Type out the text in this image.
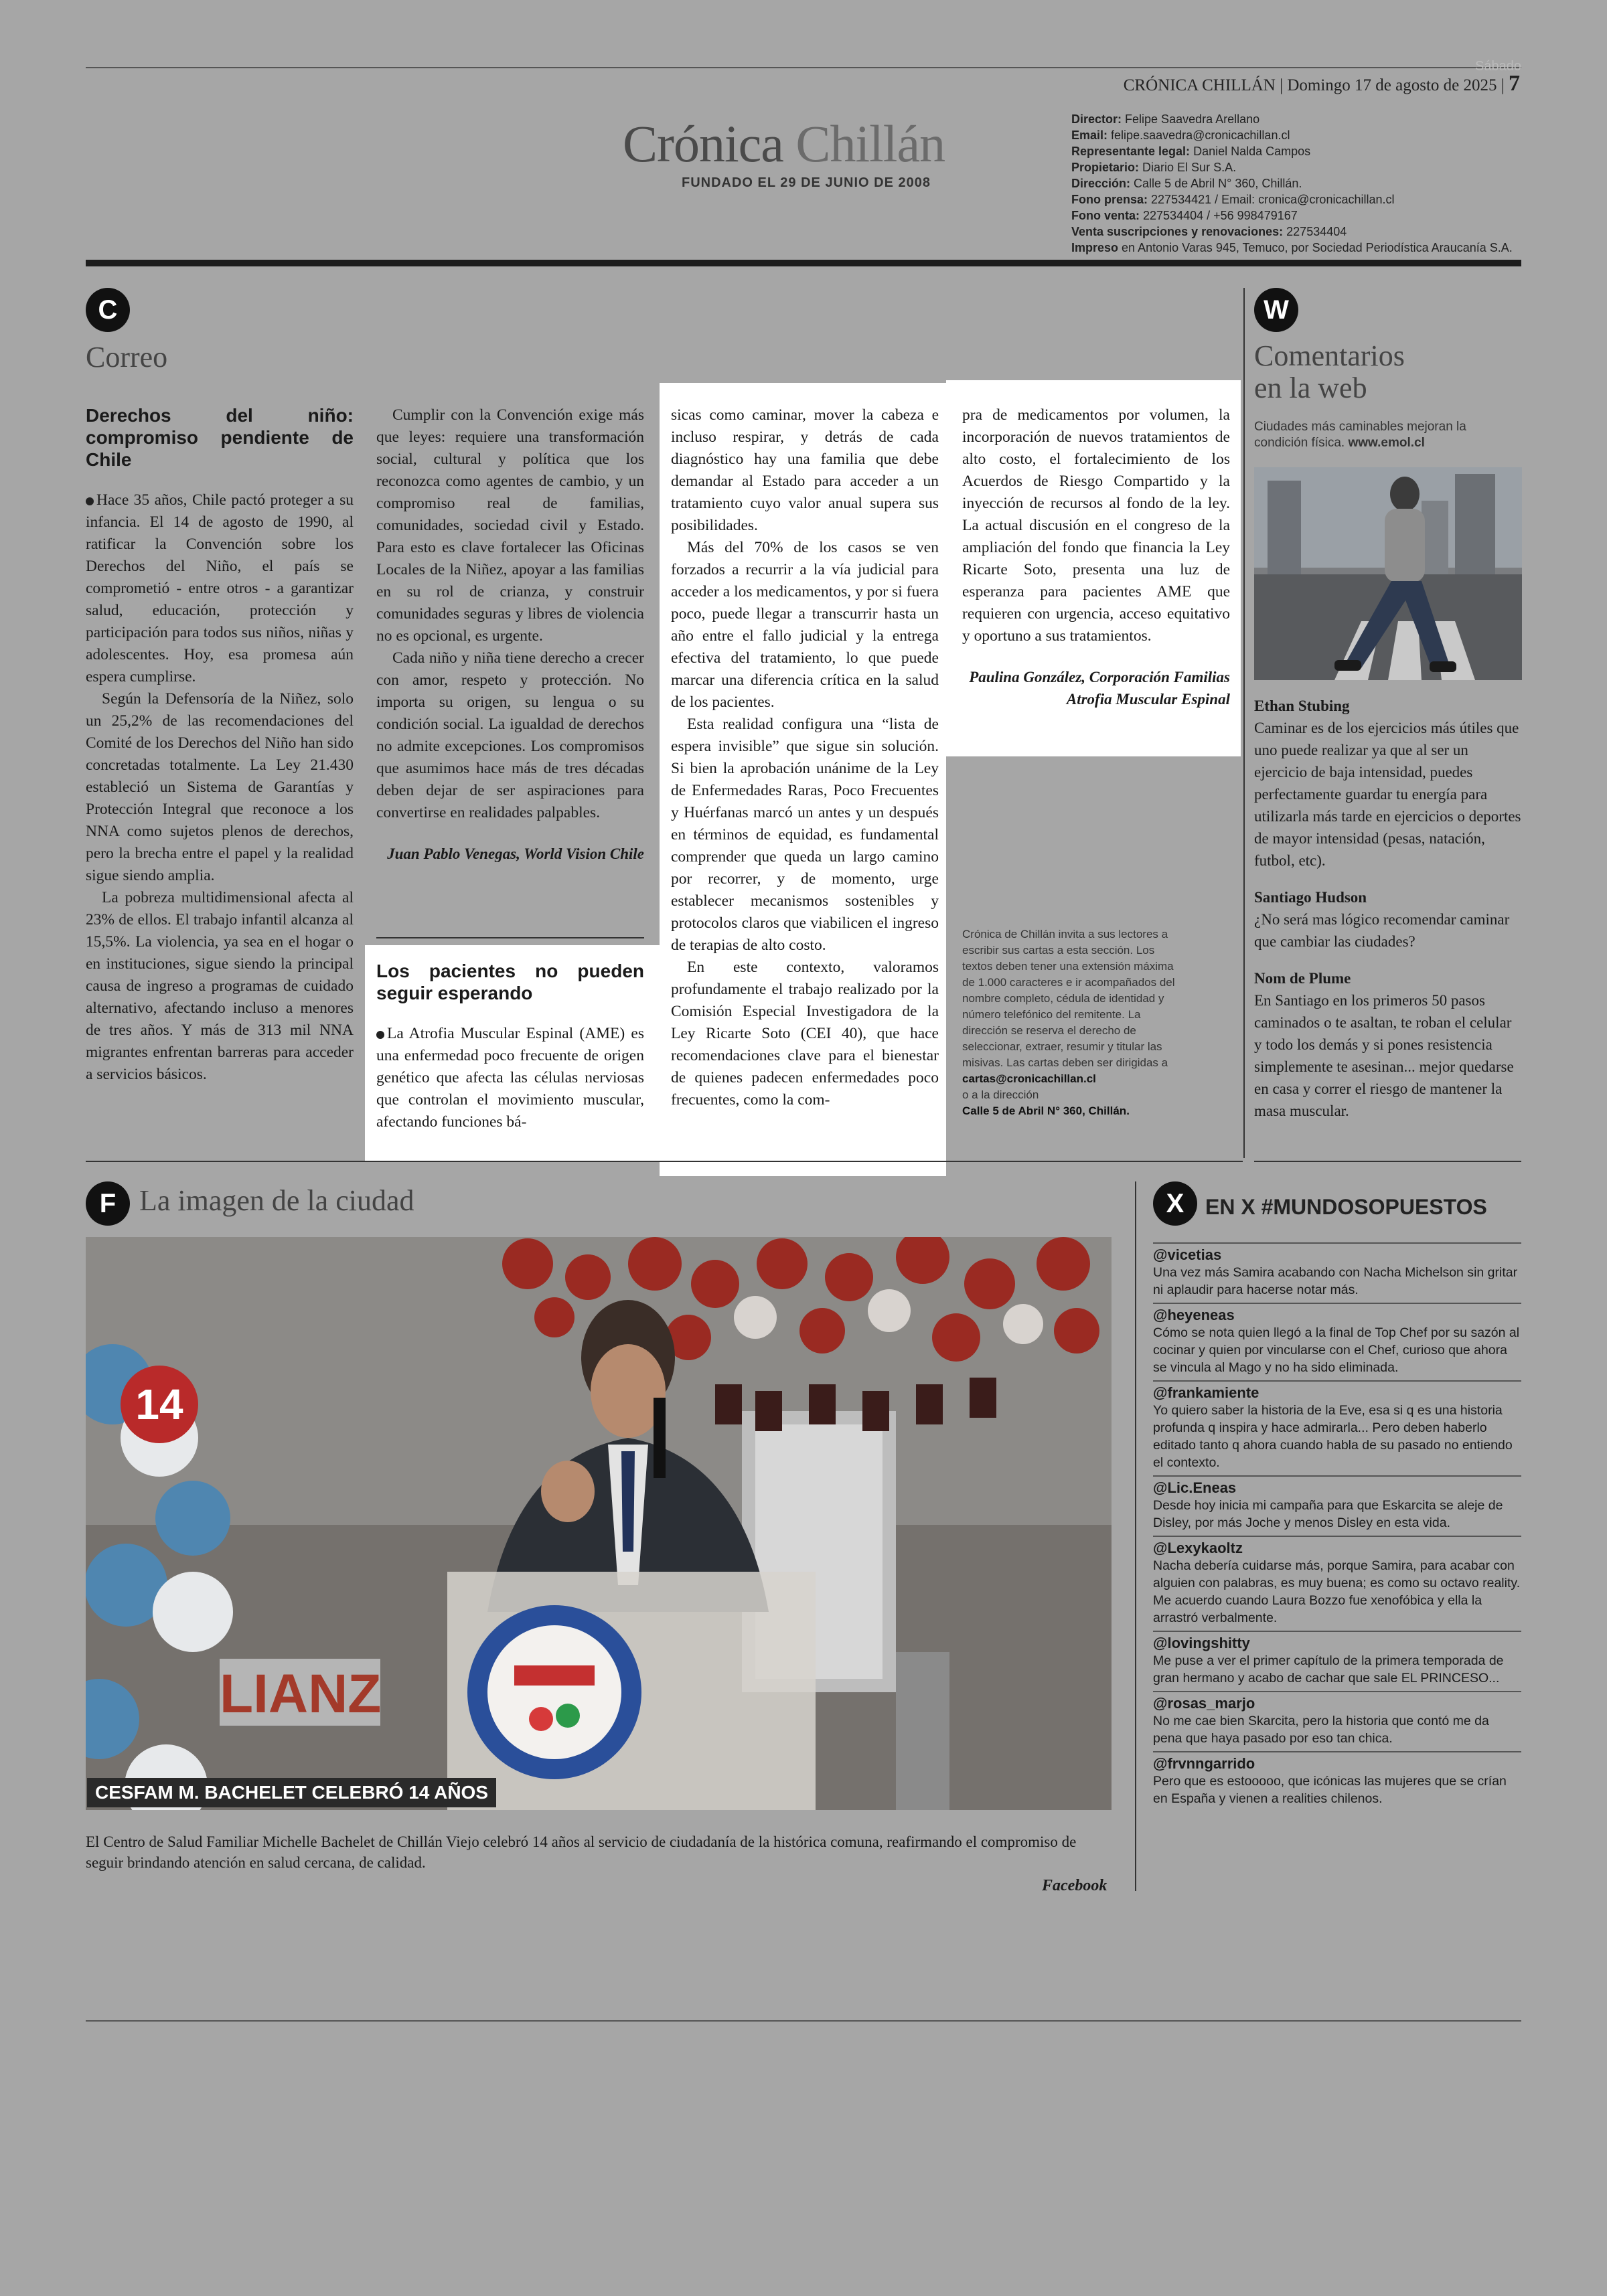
Sábado
CRÓNICA CHILLÁN | Domingo 17 de agosto de 2025 | 7
Crónica Chillán
FUNDADO EL 29 DE JUNIO DE 2008
Director: Felipe Saavedra Arellano
Email: felipe.saavedra@cronicachillan.cl
Representante legal: Daniel Nalda Campos
Propietario: Diario El Sur S.A.
Dirección: Calle 5 de Abril N° 360, Chillán.
Fono prensa: 227534421 / Email: cronica@cronicachillan.cl
Fono venta: 227534404 / +56 998479167
Venta suscripciones y renovaciones: 227534404
Impreso en Antonio Varas 945, Temuco, por Sociedad Periodística Araucanía S.A.
C
Correo
Derechos del niño: compromiso pendiente de Chile

Hace 35 años, Chile pactó proteger a su infancia. El 14 de agosto de 1990, al ratificar la Convención sobre los Derechos del Niño, el país se comprometió - entre otros - a garantizar salud, educación, protección y participación para todos sus niños, niñas y adolescentes. Hoy, esa promesa aún espera cumplirse.

Según la Defensoría de la Niñez, solo un 25,2% de las recomendaciones del Comité de los Derechos del Niño han sido concretadas totalmente. La Ley 21.430 estableció un Sistema de Garantías y Protección Integral que reconoce a los NNA como sujetos plenos de derechos, pero la brecha entre el papel y la realidad sigue siendo amplia.

La pobreza multidimensional afecta al 23% de ellos. El trabajo infantil alcanza al 15,5%. La violencia, ya sea en el hogar o en instituciones, sigue siendo la principal causa de ingreso a programas de cuidado alternativo, afectando incluso a menores de tres años. Y más de 313 mil NNA migrantes enfrentan barreras para acceder a servicios básicos.

Cumplir con la Convención exige más que leyes: requiere una transformación social, cultural y política que los reconozca como agentes de cambio, y un compromiso real de familias, comunidades, sociedad civil y Estado. Para esto es clave fortalecer las Oficinas Locales de la Niñez, apoyar a las familias en su rol de crianza, y construir comunidades seguras y libres de violencia no es opcional, es urgente.

Cada niño y niña tiene derecho a crecer con amor, respeto y protección. No importa su origen, su lengua o su condición social. La igualdad de derechos no admite excepciones. Los compromisos que asumimos hace más de tres décadas deben dejar de ser aspiraciones para convertirse en realidades palpables.

Juan Pablo Venegas, World Vision Chile
Los pacientes no pueden seguir esperando

La Atrofia Muscular Espinal (AME) es una enfermedad poco frecuente de origen genético que afecta las células nerviosas que controlan el movimiento muscular, afectando funciones bá-

sicas como caminar, mover la cabeza e incluso respirar, y detrás de cada diagnóstico hay una familia que debe demandar al Estado para acceder a un tratamiento cuyo valor anual supera sus posibilidades.

Más del 70% de los casos se ven forzados a recurrir a la vía judicial para acceder a los medicamentos, y por si fuera poco, puede llegar a transcurrir hasta un año entre el fallo judicial y la entrega efectiva del tratamiento, lo que puede marcar una diferencia crítica en la salud de los pacientes.

Esta realidad configura una “lista de espera invisible” que sigue sin solución. Si bien la aprobación unánime de la Ley de Enfermedades Raras, Poco Frecuentes y Huérfanas marcó un antes y un después en términos de equidad, es fundamental comprender que queda un largo camino por recorrer, y de momento, urge establecer mecanismos sostenibles y protocolos claros que viabilicen el ingreso de terapias de alto costo.

En este contexto, valoramos profundamente el trabajo realizado por la Comisión Especial Investigadora de la Ley Ricarte Soto (CEI 40), que hace recomendaciones clave para el bienestar de quienes padecen enfermedades poco frecuentes, como la com-

pra de medicamentos por volumen, la incorporación de nuevos tratamientos de alto costo, el fortalecimiento de los Acuerdos de Riesgo Compartido y la inyección de recursos al fondo de la ley. La actual discusión en el congreso de la ampliación del fondo que financia la Ley Ricarte Soto, presenta una luz de esperanza para pacientes AME que requieren con urgencia, acceso equitativo y oportuno a sus tratamientos.

Paulina González, Corporación Familias Atrofia Muscular Espinal
Crónica de Chillán invita a sus lectores a escribir sus cartas a esta sección. Los textos deben tener una extensión máxima de 1.000 caracteres e ir acompañados del nombre completo, cédula de identidad y número telefónico del remitente. La dirección se reserva el derecho de seleccionar, extraer, resumir y titular las misivas. Las cartas deben ser dirigidas a
cartas@cronicachillan.cl
o a la dirección
Calle 5 de Abril N° 360, Chillán.
W
Comentarios
en la web
Ciudades más caminables mejoran la condición física. www.emol.cl
Ethan Stubing
Caminar es de los ejercicios más útiles que uno puede realizar ya que al ser un ejercicio de baja intensidad, puedes perfectamente guardar tu energía para utilizarla más tarde en ejercicios o deportes de mayor intensidad (pesas, natación, futbol, etc).
Santiago Hudson
¿No será mas lógico recomendar caminar que cambiar las ciudades?
Nom de Plume
En Santiago en los primeros 50 pasos caminados o te asaltan, te roban el celular y todo los demás y si pones resistencia simplemente te asesinan... mejor quedarse en casa y correr el riesgo de mantener la masa muscular.
F La imagen de la ciudad
14
LIANZ
CESFAM M. BACHELET CELEBRÓ 14 AÑOS
El Centro de Salud Familiar Michelle Bachelet de Chillán Viejo celebró 14 años al servicio de ciudadanía de la histórica comuna, reafirmando el compromiso de seguir brindando atención en salud cercana, de calidad.
Facebook
X EN X #MUNDOSOPUESTOS
@vicetias
Una vez más Samira acabando con Nacha Michelson sin gritar ni aplaudir para hacerse notar más.
@heyeneas
Cómo se nota quien llegó a la final de Top Chef por su sazón al cocinar y quien por vincularse con el Chef, curioso que ahora se vincula al Mago y no ha sido eliminada.
@frankamiente
Yo quiero saber la historia de la Eve, esa si q es una historia profunda q inspira y hace admirarla... Pero deben haberlo editado tanto q ahora cuando habla de su pasado no entiendo el contexto.
@Lic.Eneas
Desde hoy inicia mi campaña para que Eskarcita se aleje de Disley, por más Joche y menos Disley en esta vida.
@Lexykaoltz
Nacha debería cuidarse más, porque Samira, para acabar con alguien con palabras, es muy buena; es como su octavo reality. Me acuerdo cuando Laura Bozzo fue xenofóbica y ella la arrastró verbalmente.
@lovingshitty
Me puse a ver el primer capítulo de la primera temporada de gran hermano y acabo de cachar que sale EL PRINCESO...
@rosas_marjo
No me cae bien Skarcita, pero la historia que contó me da pena que haya pasado por eso tan chica.
@frvnngarrido
Pero que es estooooo, que icónicas las mujeres que se crían en España y vienen a realities chilenos.
